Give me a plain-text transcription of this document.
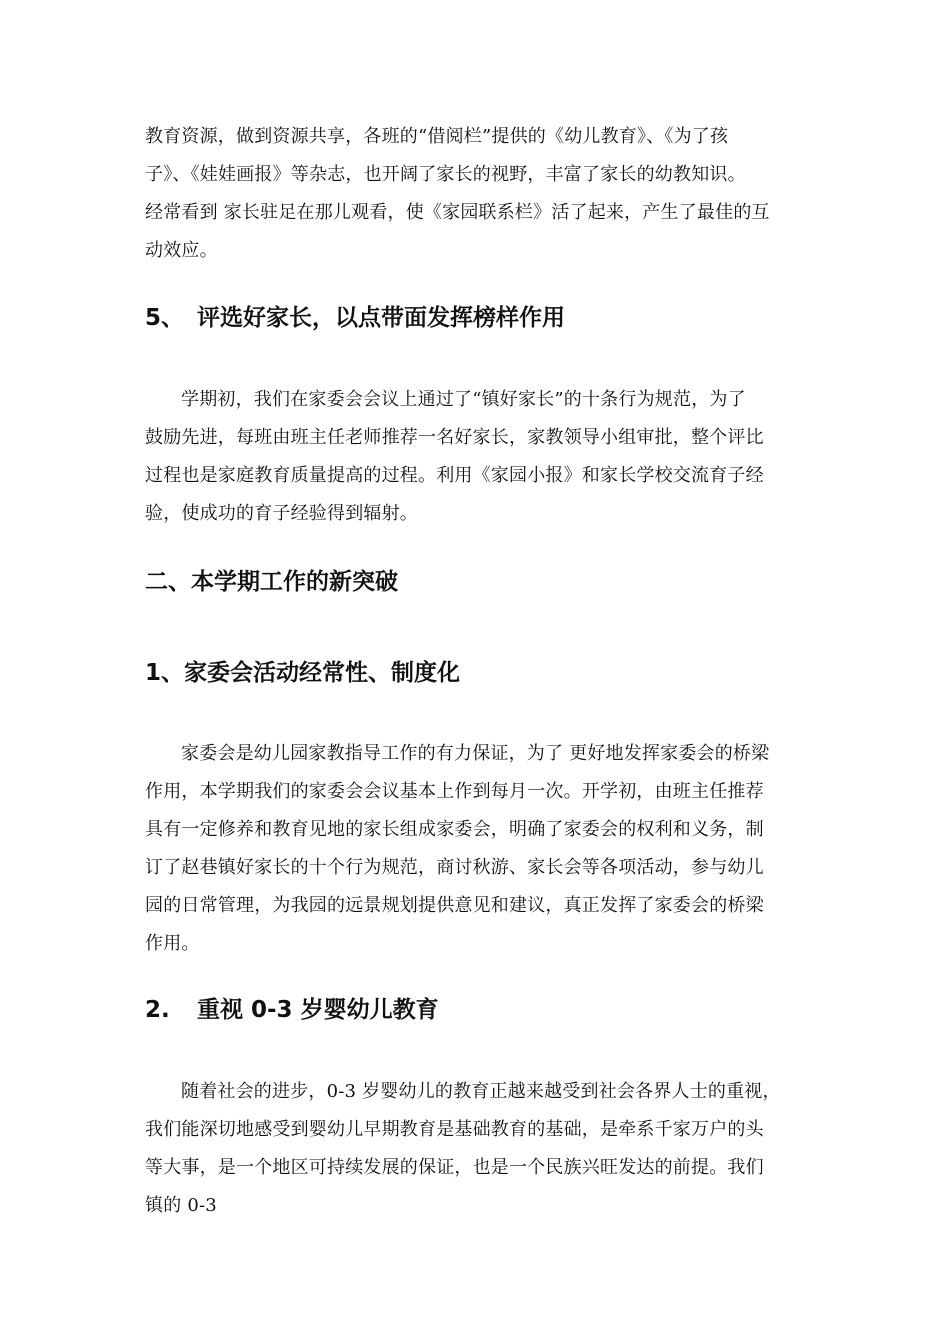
教育资源，做到资源共享，各班的“借阅栏”提供的《幼儿教育》、《为了孩
子》、《娃娃画报》等杂志，也开阔了家长的视野，丰富了家长的幼教知识。
经常看到 家长驻足在那儿观看，使《家园联系栏》活了起来，产生了最佳的互
动效应。
5、 评选好家长，以点带面发挥榜样作用
学期初，我们在家委会会议上通过了“镇好家长”的十条行为规范，为了
鼓励先进，每班由班主任老师推荐一名好家长，家教领导小组审批，整个评比
过程也是家庭教育质量提高的过程。利用《家园小报》和家长学校交流育子经
验，使成功的育子经验得到辐射。
二、本学期工作的新突破
1、家委会活动经常性、制度化
家委会是幼儿园家教指导工作的有力保证，为了 更好地发挥家委会的桥梁
作用，本学期我们的家委会会议基本上作到每月一次。开学初，由班主任推荐
具有一定修养和教育见地的家长组成家委会，明确了家委会的权利和义务，制
订了赵巷镇好家长的十个行为规范，商讨秋游、家长会等各项活动，参与幼儿
园的日常管理，为我园的远景规划提供意见和建议，真正发挥了家委会的桥梁
作用。
2. 重视 0-3 岁婴幼儿教育
随着社会的进步，0-3 岁婴幼儿的教育正越来越受到社会各界人士的重视，
我们能深切地感受到婴幼儿早期教育是基础教育的基础，是牵系千家万户的头
等大事，是一个地区可持续发展的保证，也是一个民族兴旺发达的前提。我们
镇的 0-3
